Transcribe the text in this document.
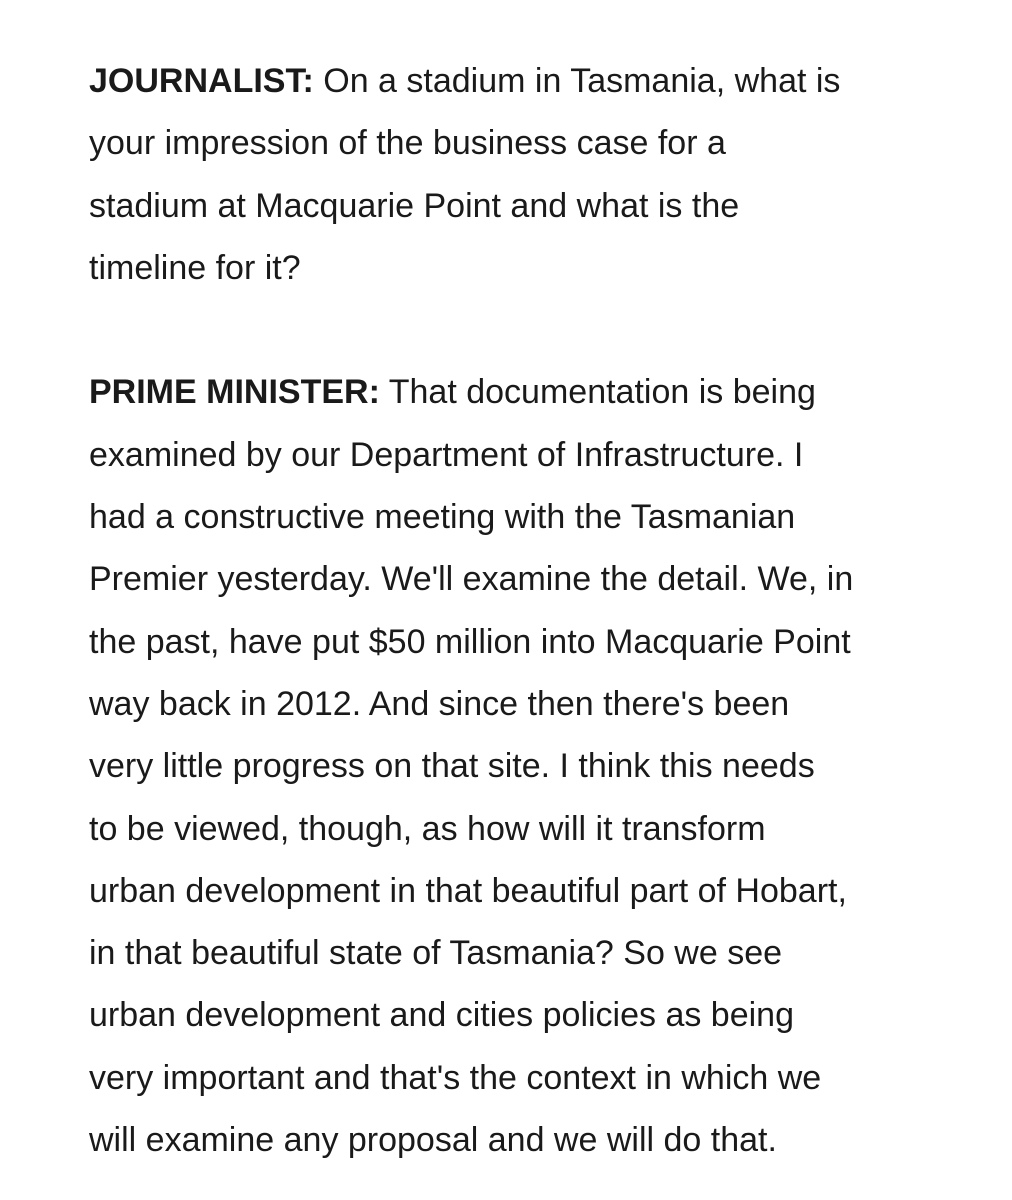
JOURNALIST: On a stadium in Tasmania, what is
your impression of the business case for a
stadium at Macquarie Point and what is the
timeline for it?
PRIME MINISTER: That documentation is being
examined by our Department of Infrastructure. I
had a constructive meeting with the Tasmanian
Premier yesterday. We'll examine the detail. We, in
the past, have put $50 million into Macquarie Point
way back in 2012. And since then there's been
very little progress on that site. I think this needs
to be viewed, though, as how will it transform
urban development in that beautiful part of Hobart,
in that beautiful state of Tasmania? So we see
urban development and cities policies as being
very important and that's the context in which we
will examine any proposal and we will do that.
